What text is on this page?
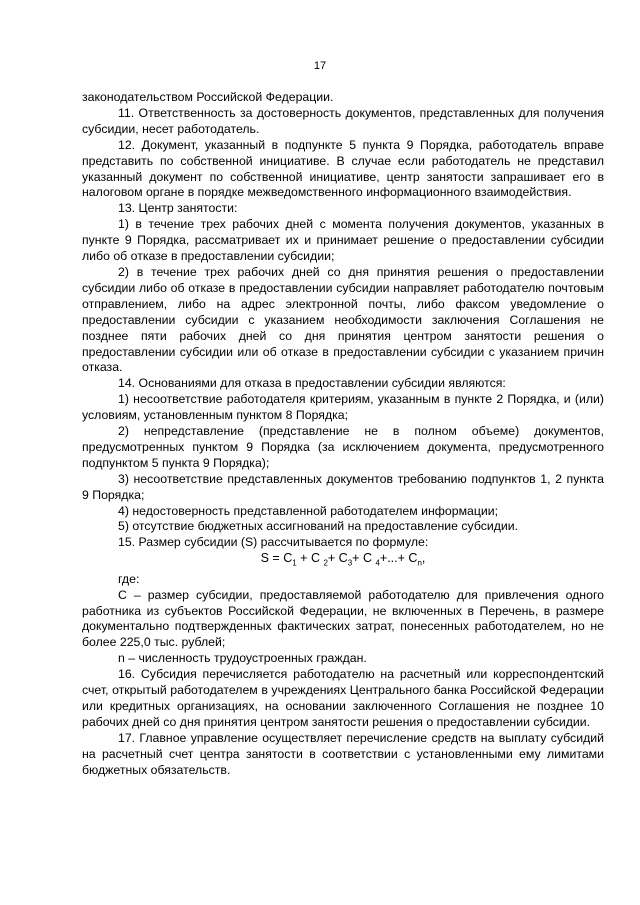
17

законодательством Российской Федерации.

11. Ответственность за достоверность документов, представленных для получения субсидии, несет работодатель.

12. Документ, указанный в подпункте 5 пункта 9 Порядка, работодатель вправе представить по собственной инициативе. В случае если работодатель не представил указанный документ по собственной инициативе, центр занятости запрашивает его в налоговом органе в порядке межведомственного информационного взаимодействия.

13. Центр занятости:

1) в течение трех рабочих дней с момента получения документов, указанных в пункте 9 Порядка, рассматривает их и принимает решение о предоставлении субсидии либо об отказе в предоставлении субсидии;

2) в течение трех рабочих дней со дня принятия решения о предоставлении субсидии либо об отказе в предоставлении субсидии направляет работодателю почтовым отправлением, либо на адрес электронной почты, либо факсом уведомление о предоставлении субсидии с указанием необходимости заключения Соглашения не позднее пяти рабочих дней со дня принятия центром занятости решения о предоставлении субсидии или об отказе в предоставлении субсидии с указанием причин отказа.

14. Основаниями для отказа в предоставлении субсидии являются:

1) несоответствие работодателя критериям, указанным в пункте 2 Порядка, и (или) условиям, установленным пунктом 8 Порядка;

2) непредставление (представление не в полном объеме) документов, предусмотренных пунктом 9 Порядка (за исключением документа, предусмотренного подпунктом 5 пункта 9 Порядка);

3) несоответствие представленных документов требованию подпунктов 1, 2 пункта 9 Порядка;

4) недостоверность представленной работодателем информации;

5) отсутствие бюджетных ассигнований на предоставление субсидии.

15. Размер субсидии (S) рассчитывается по формуле:

$S = C_1 + C$ $_2+ C_3+ C$ $_4+...+ C_n$,

где:

С – размер субсидии, предоставляемой работодателю для привлечения одного работника из субъектов Российской Федерации, не включенных в Перечень, в размере документально подтвержденных фактических затрат, понесенных работодателем, но не более 225,0 тыс. рублей;

n – численность трудоустроенных граждан.

16. Субсидия перечисляется работодателю на расчетный или корреспондентский счет, открытый работодателем в учреждениях Центрального банка Российской Федерации или кредитных организациях, на основании заключенного Соглашения не позднее 10 рабочих дней со дня принятия центром занятости решения о предоставлении субсидии.

17. Главное управление осуществляет перечисление средств на выплату субсидий на расчетный счет центра занятости в соответствии с установленными ему лимитами бюджетных обязательств.
